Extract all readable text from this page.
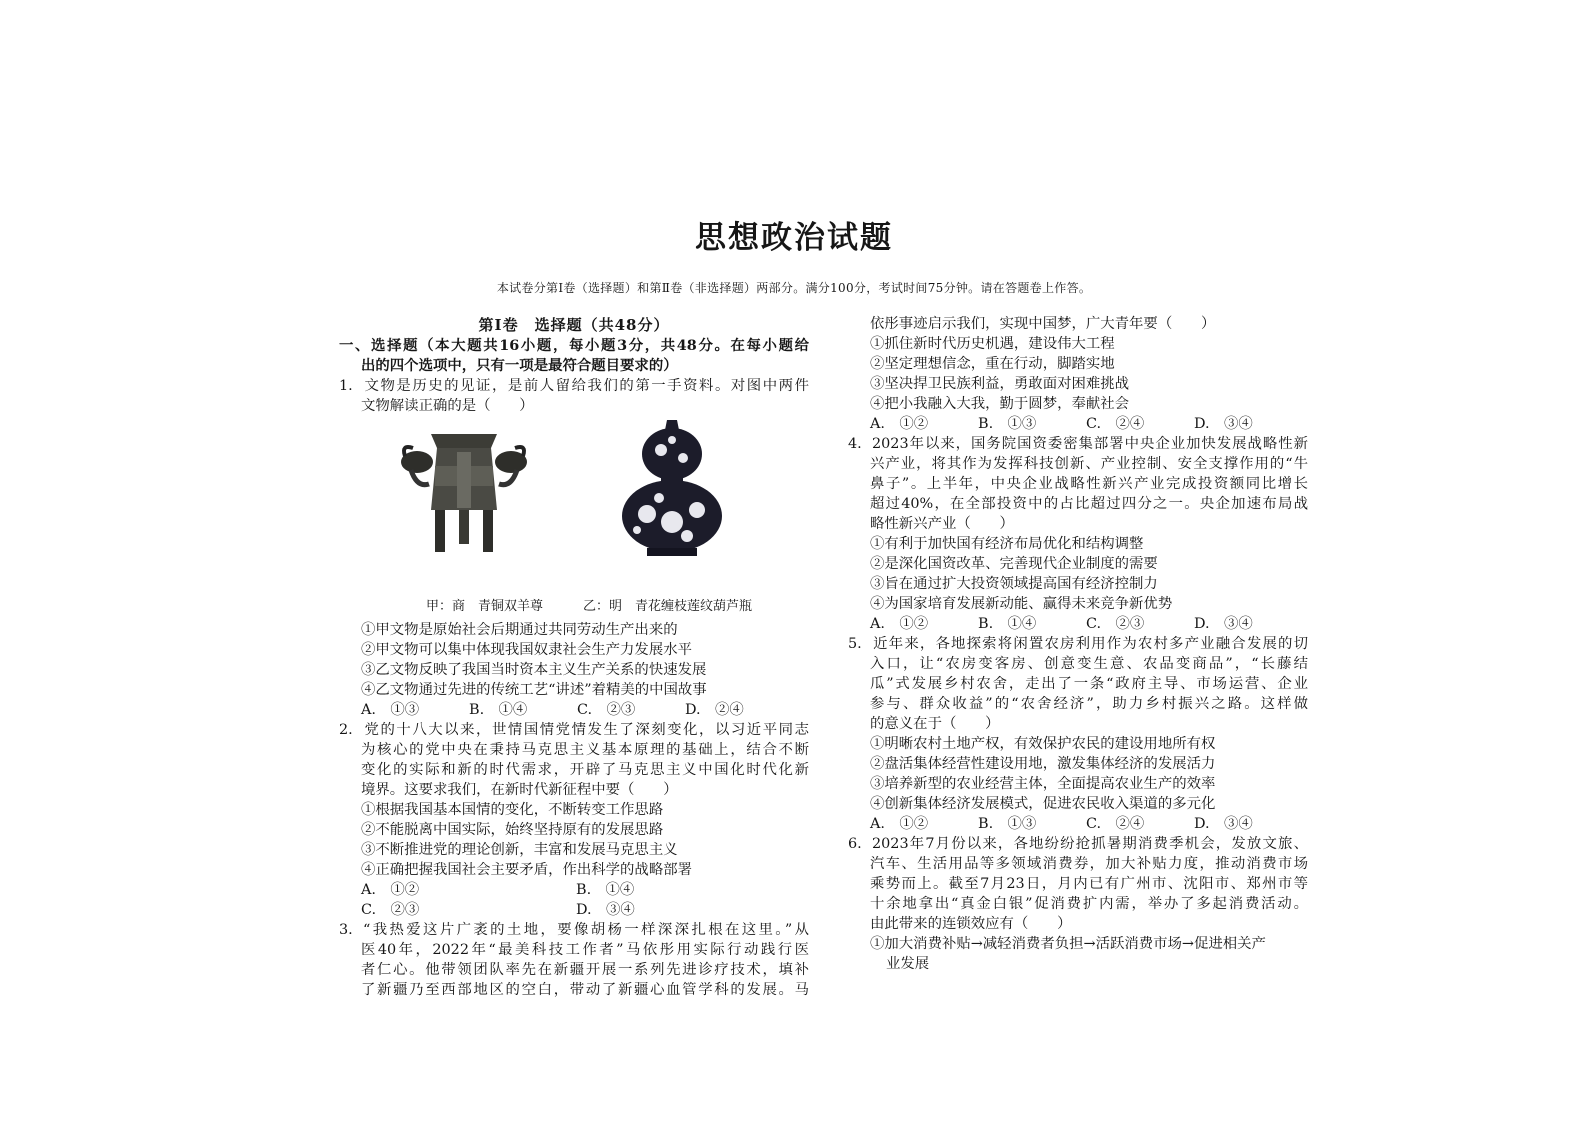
思想政治试题
本试卷分第Ⅰ卷（选择题）和第Ⅱ卷（非选择题）两部分。满分100分，考试时间75分钟。请在答题卷上作答。
第Ⅰ卷　选择题（共48分）
一、选择题（本大题共16小题，每小题3分，共48分。在每小题给
出的四个选项中，只有一项是最符合题目要求的）
1. 文物是历史的见证，是前人留给我们的第一手资料。对图中两件
文物解读正确的是（　　）
甲：商　青铜双羊尊	乙：明　青花缠枝莲纹葫芦瓶
①甲文物是原始社会后期通过共同劳动生产出来的
②甲文物可以集中体现我国奴隶社会生产力发展水平
③乙文物反映了我国当时资本主义生产关系的快速发展
④乙文物通过先进的传统工艺“讲述”着精美的中国故事
A.　①③	B.　①④	C.　②③	D.　②④
2. 党的十八大以来，世情国情党情发生了深刻变化，以习近平同志
为核心的党中央在秉持马克思主义基本原理的基础上，结合不断
变化的实际和新的时代需求，开辟了马克思主义中国化时代化新
境界。这要求我们，在新时代新征程中要（　　）
①根据我国基本国情的变化，不断转变工作思路
②不能脱离中国实际，始终坚持原有的发展思路
③不断推进党的理论创新，丰富和发展马克思主义
④正确把握我国社会主要矛盾，作出科学的战略部署
A.　①②	B.　①④
C.　②③	D.　③④
3. “我热爱这片广袤的土地，要像胡杨一样深深扎根在这里。”从
医40年，2022年“最美科技工作者”马依彤用实际行动践行医
者仁心。他带领团队率先在新疆开展一系列先进诊疗技术，填补
了新疆乃至西部地区的空白，带动了新疆心血管学科的发展。马
依彤事迹启示我们，实现中国梦，广大青年要（　　）
①抓住新时代历史机遇，建设伟大工程
②坚定理想信念，重在行动，脚踏实地
③坚决捍卫民族利益，勇敢面对困难挑战
④把小我融入大我，勤于圆梦，奉献社会
A.　①②	B.　①③	C.　②④	D.　③④
4. 2023年以来，国务院国资委密集部署中央企业加快发展战略性新
兴产业，将其作为发挥科技创新、产业控制、安全支撑作用的“牛
鼻子”。上半年，中央企业战略性新兴产业完成投资额同比增长
超过40%，在全部投资中的占比超过四分之一。央企加速布局战
略性新兴产业（　　）
①有利于加快国有经济布局优化和结构调整
②是深化国资改革、完善现代企业制度的需要
③旨在通过扩大投资领域提高国有经济控制力
④为国家培育发展新动能、赢得未来竞争新优势
A.　①②	B.　①④	C.　②③	D.　③④
5. 近年来，各地探索将闲置农房利用作为农村多产业融合发展的切
入口，让“农房变客房、创意变生意、农品变商品”，“长藤结
瓜”式发展乡村农舍，走出了一条“政府主导、市场运营、企业
参与、群众收益”的“农舍经济”，助力乡村振兴之路。这样做
的意义在于（　　）
①明晰农村土地产权，有效保护农民的建设用地所有权
②盘活集体经营性建设用地，激发集体经济的发展活力
③培养新型的农业经营主体，全面提高农业生产的效率
④创新集体经济发展模式，促进农民收入渠道的多元化
A.　①②	B.　①③	C.　②④	D.　③④
6. 2023年7月份以来，各地纷纷抢抓暑期消费季机会，发放文旅、
汽车、生活用品等多领域消费券，加大补贴力度，推动消费市场
乘势而上。截至7月23日，月内已有广州市、沈阳市、郑州市等
十余地拿出“真金白银”促消费扩内需，举办了多起消费活动。
由此带来的连锁效应有（　　）
①加大消费补贴→减轻消费者负担→活跃消费市场→促进相关产
业发展
